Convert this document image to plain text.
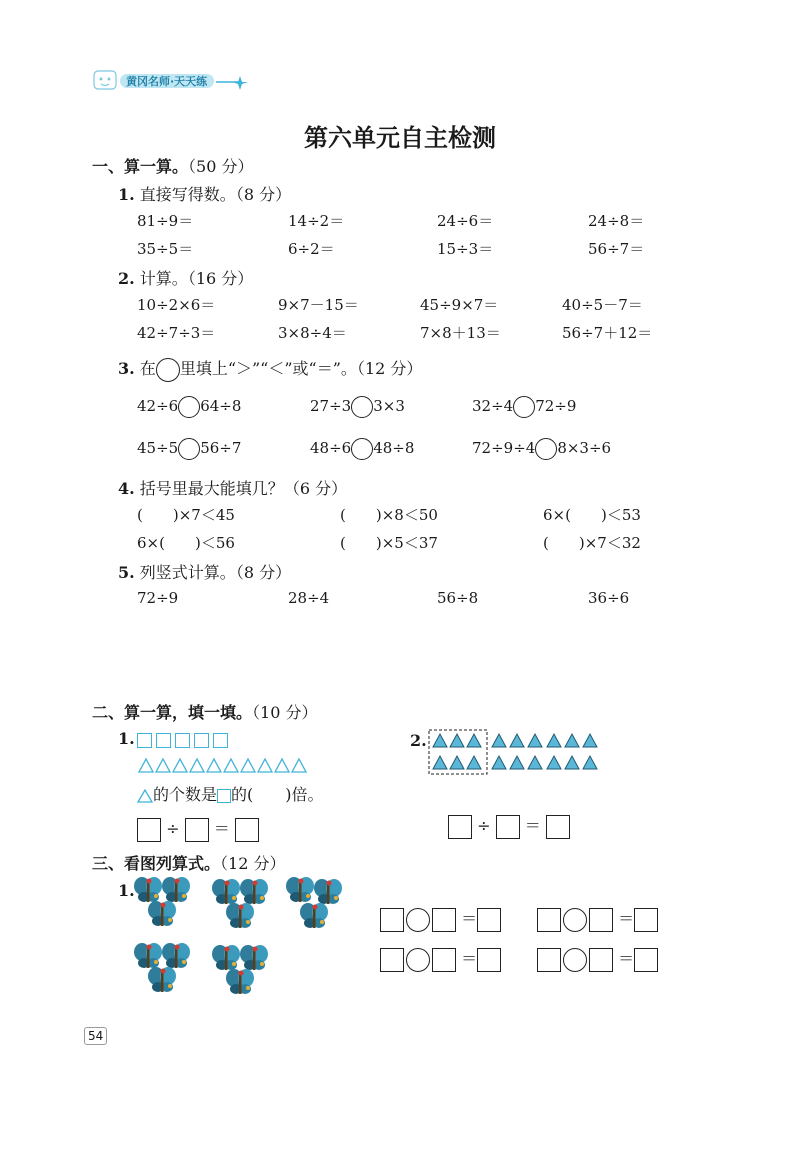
黄冈名师·天天练
第六单元自主检测
一、算一算。（50 分）
1. 直接写得数。（8 分）
81÷9＝	14÷2＝	24÷6＝	24÷8＝
35÷5＝	6÷2＝	15÷3＝	56÷7＝
2. 计算。（16 分）
10÷2×6＝	9×7－15＝	45÷9×7＝	40÷5－7＝
42÷7÷3＝	3×8÷4＝	7×8＋13＝	56÷7＋12＝
3. 在 里填上“＞”“＜”或“＝”。（12 分）
42÷6 64÷8	27÷3 3×3	32÷4 72÷9
45÷5 56÷7	48÷6 48÷8	72÷9÷4 8×3÷6
4. 括号里最大能填几？（6 分）
(　　)×7＜45	(　　)×8＜50	6×(　　)＜53
6×(　　)＜56	(　　)×5＜37	(　　)×7＜32
5. 列竖式计算。（8 分）
72÷9	28÷4	56÷8	36÷6
二、算一算，填一填。（10 分）
1.
的个数是 的(　　)倍。
÷ ＝
2.
÷ ＝
三、看图列算式。（12 分）
1.
＝	＝
＝	＝
54
